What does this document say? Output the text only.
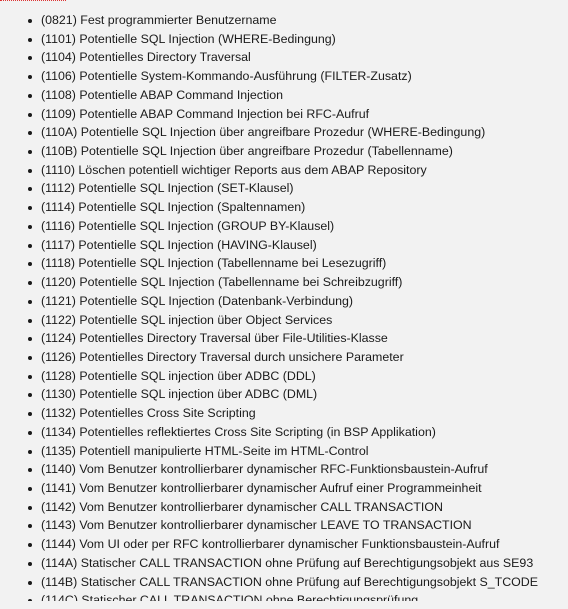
(0821) Fest programmierter Benutzername
(1101) Potentielle SQL Injection (WHERE-Bedingung)
(1104) Potentielles Directory Traversal
(1106) Potentielle System-Kommando-Ausführung (FILTER-Zusatz)
(1108) Potentielle ABAP Command Injection
(1109) Potentielle ABAP Command Injection bei RFC-Aufruf
(110A) Potentielle SQL Injection über angreifbare Prozedur (WHERE-Bedingung)
(110B) Potentielle SQL Injection über angreifbare Prozedur (Tabellenname)
(1110) Löschen potentiell wichtiger Reports aus dem ABAP Repository
(1112) Potentielle SQL Injection (SET-Klausel)
(1114) Potentielle SQL Injection (Spaltennamen)
(1116) Potentielle SQL Injection (GROUP BY-Klausel)
(1117) Potentielle SQL Injection (HAVING-Klausel)
(1118) Potentielle SQL Injection (Tabellenname bei Lesezugriff)
(1120) Potentielle SQL Injection (Tabellenname bei Schreibzugriff)
(1121) Potentielle SQL Injection (Datenbank-Verbindung)
(1122) Potentielle SQL injection über Object Services
(1124) Potentielles Directory Traversal über File-Utilities-Klasse
(1126) Potentielles Directory Traversal durch unsichere Parameter
(1128) Potentielle SQL injection über ADBC (DDL)
(1130) Potentielle SQL injection über ADBC (DML)
(1132) Potentielles Cross Site Scripting
(1134) Potentielles reflektiertes Cross Site Scripting (in BSP Applikation)
(1135) Potentiell manipulierte HTML-Seite im HTML-Control
(1140) Vom Benutzer kontrollierbarer dynamischer RFC-Funktionsbaustein-Aufruf
(1141) Vom Benutzer kontrollierbarer dynamischer Aufruf einer Programmeinheit
(1142) Vom Benutzer kontrollierbarer dynamischer CALL TRANSACTION
(1143) Vom Benutzer kontrollierbarer dynamischer LEAVE TO TRANSACTION
(1144) Vom UI oder per RFC kontrollierbarer dynamischer Funktionsbaustein-Aufruf
(114A) Statischer CALL TRANSACTION ohne Prüfung auf Berechtigungsobjekt aus SE93
(114B) Statischer CALL TRANSACTION ohne Prüfung auf Berechtigungsobjekt S_TCODE
